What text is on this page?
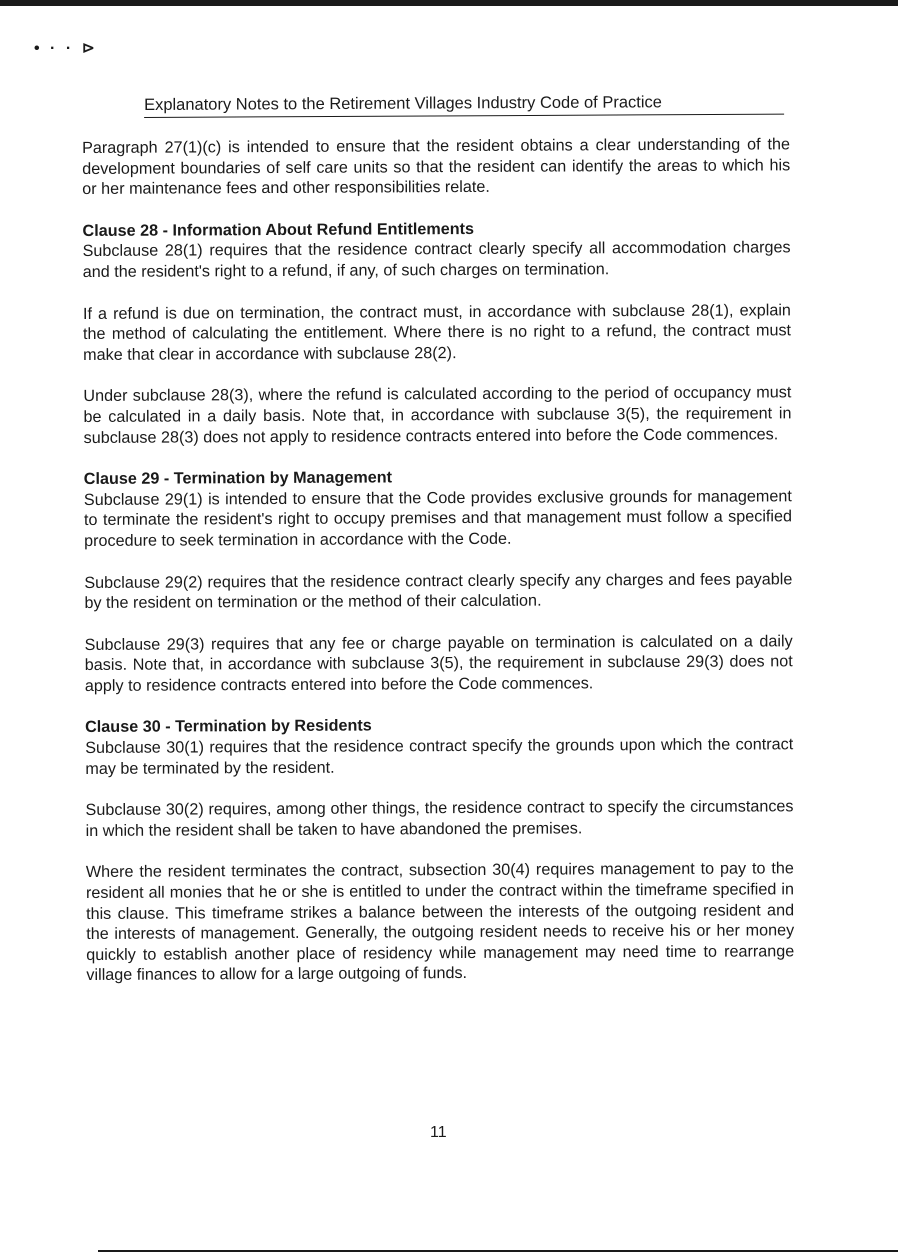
• · · ⊳
Explanatory Notes to the Retirement Villages Industry Code of Practice

Paragraph 27(1)(c) is intended to ensure that the resident obtains a clear understanding of the development boundaries of self care units so that the resident can identify the areas to which his or her maintenance fees and other responsibilities relate.

Clause 28 - Information About Refund Entitlements

Subclause 28(1) requires that the residence contract clearly specify all accommodation charges and the resident's right to a refund, if any, of such charges on termination.

If a refund is due on termination, the contract must, in accordance with subclause 28(1), explain the method of calculating the entitlement. Where there is no right to a refund, the contract must make that clear in accordance with subclause 28(2).

Under subclause 28(3), where the refund is calculated according to the period of occupancy must be calculated in a daily basis. Note that, in accordance with subclause 3(5), the requirement in subclause 28(3) does not apply to residence contracts entered into before the Code commences.

Clause 29 - Termination by Management

Subclause 29(1) is intended to ensure that the Code provides exclusive grounds for management to terminate the resident's right to occupy premises and that management must follow a specified procedure to seek termination in accordance with the Code.

Subclause 29(2) requires that the residence contract clearly specify any charges and fees payable by the resident on termination or the method of their calculation.

Subclause 29(3) requires that any fee or charge payable on termination is calculated on a daily basis. Note that, in accordance with subclause 3(5), the requirement in subclause 29(3) does not apply to residence contracts entered into before the Code commences.

Clause 30 - Termination by Residents

Subclause 30(1) requires that the residence contract specify the grounds upon which the contract may be terminated by the resident.

Subclause 30(2) requires, among other things, the residence contract to specify the circumstances in which the resident shall be taken to have abandoned the premises.

Where the resident terminates the contract, subsection 30(4) requires management to pay to the resident all monies that he or she is entitled to under the contract within the timeframe specified in this clause. This timeframe strikes a balance between the interests of the outgoing resident and the interests of management. Generally, the outgoing resident needs to receive his or her money quickly to establish another place of residency while management may need time to rearrange village finances to allow for a large outgoing of funds.

11
